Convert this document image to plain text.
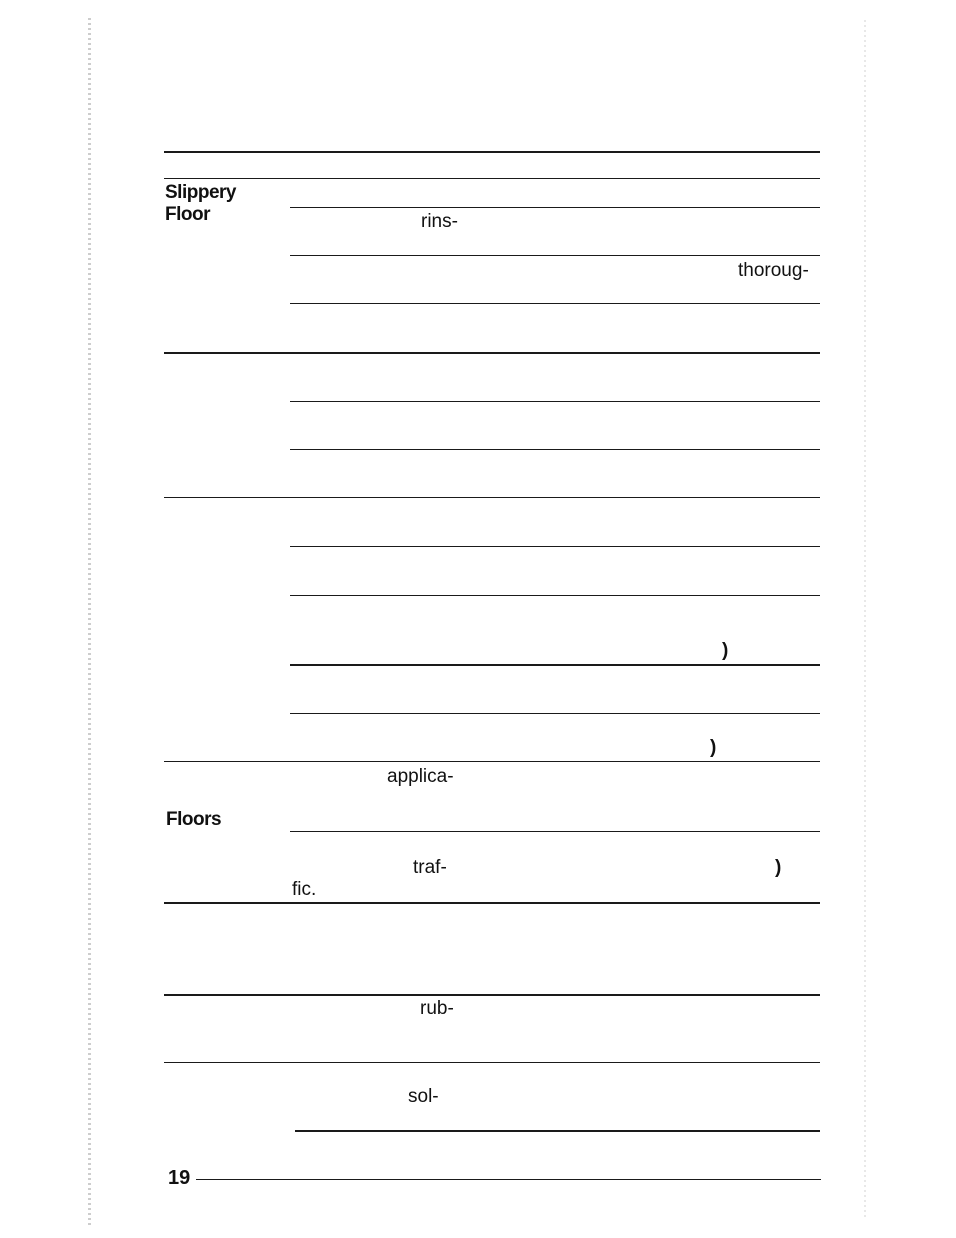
Slippery
Floor
Floors
rins-
thoroug-
)
)
applica-
traf-
fic.
)
rub-
sol-
19
